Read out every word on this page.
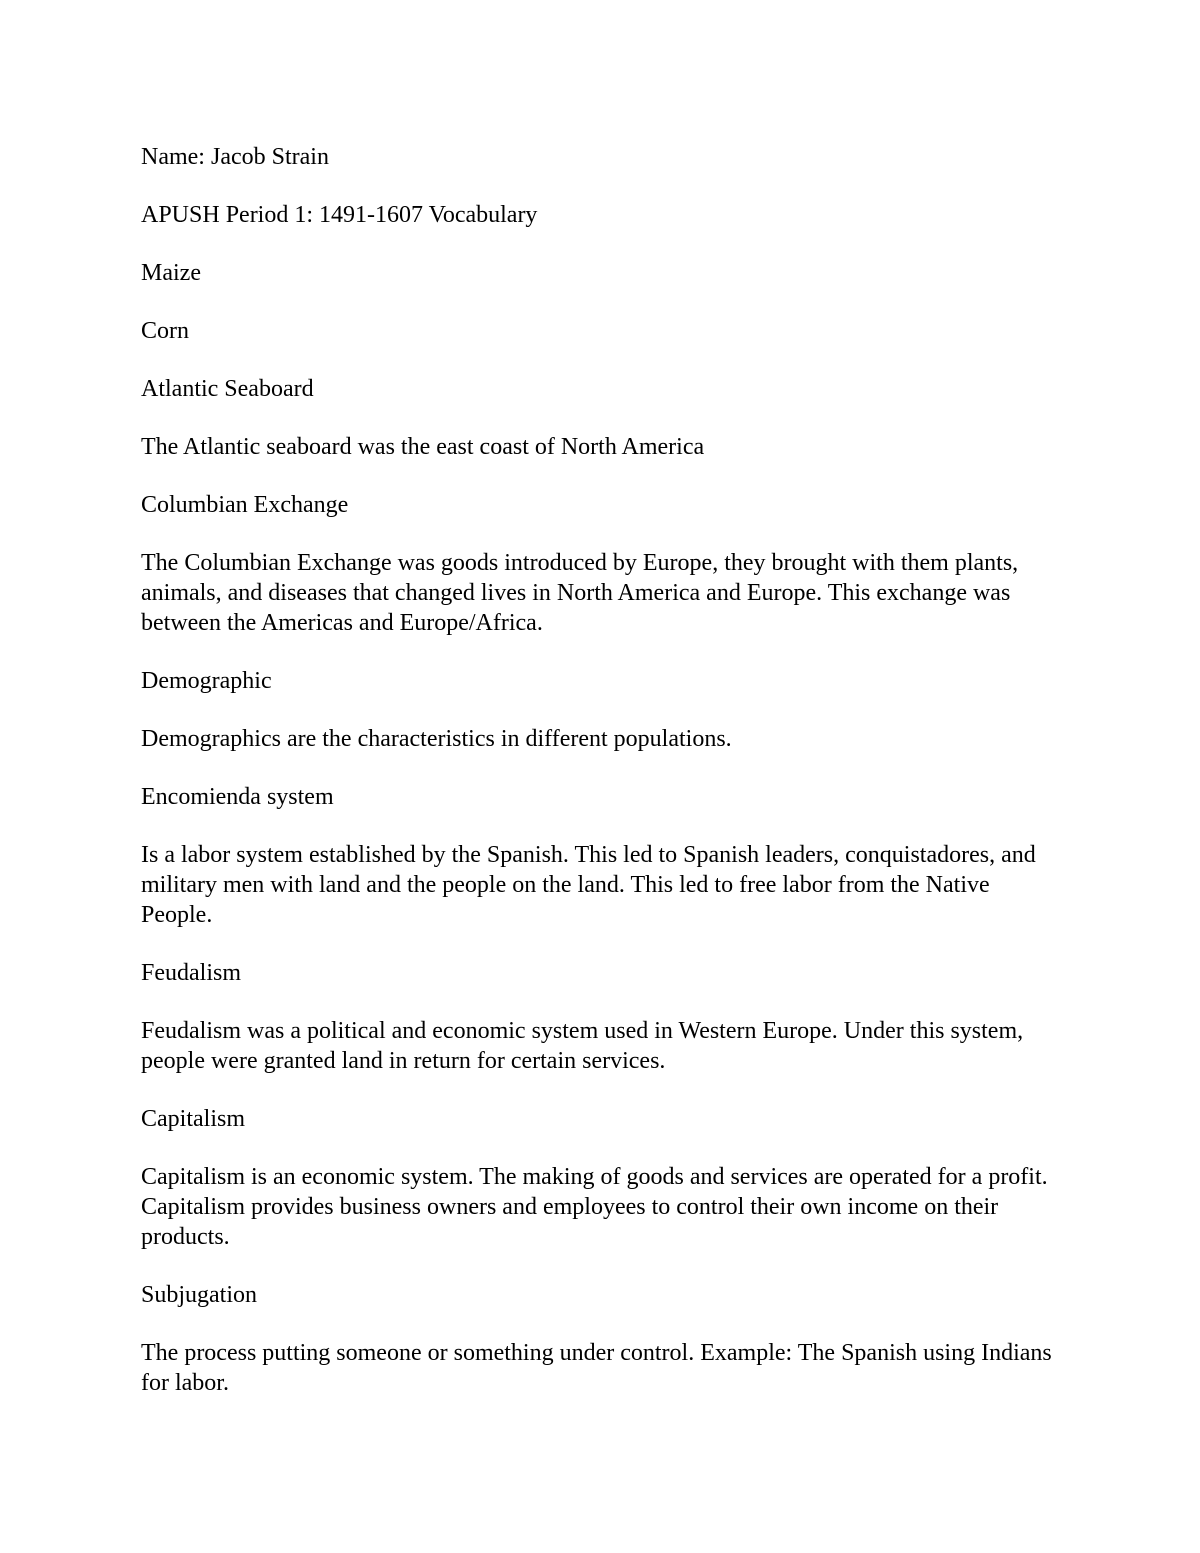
Name: Jacob Strain

APUSH Period 1: 1491-1607 Vocabulary

Maize

Corn

Atlantic Seaboard

The Atlantic seaboard was the east coast of North America

Columbian Exchange

The Columbian Exchange was goods introduced by Europe, they brought with them plants, animals, and diseases that changed lives in North America and Europe. This exchange was between the Americas and Europe/Africa.

Demographic

Demographics are the characteristics in different populations.

Encomienda system

Is a labor system established by the Spanish. This led to Spanish leaders, conquistadores, and military men with land and the people on the land. This led to free labor from the Native People.

Feudalism

Feudalism was a political and economic system used in Western Europe. Under this system, people were granted land in return for certain services.

Capitalism

Capitalism is an economic system. The making of goods and services are operated for a profit. Capitalism provides business owners and employees to control their own income on their products.

Subjugation

The process putting someone or something under control. Example: The Spanish using Indians for labor.
